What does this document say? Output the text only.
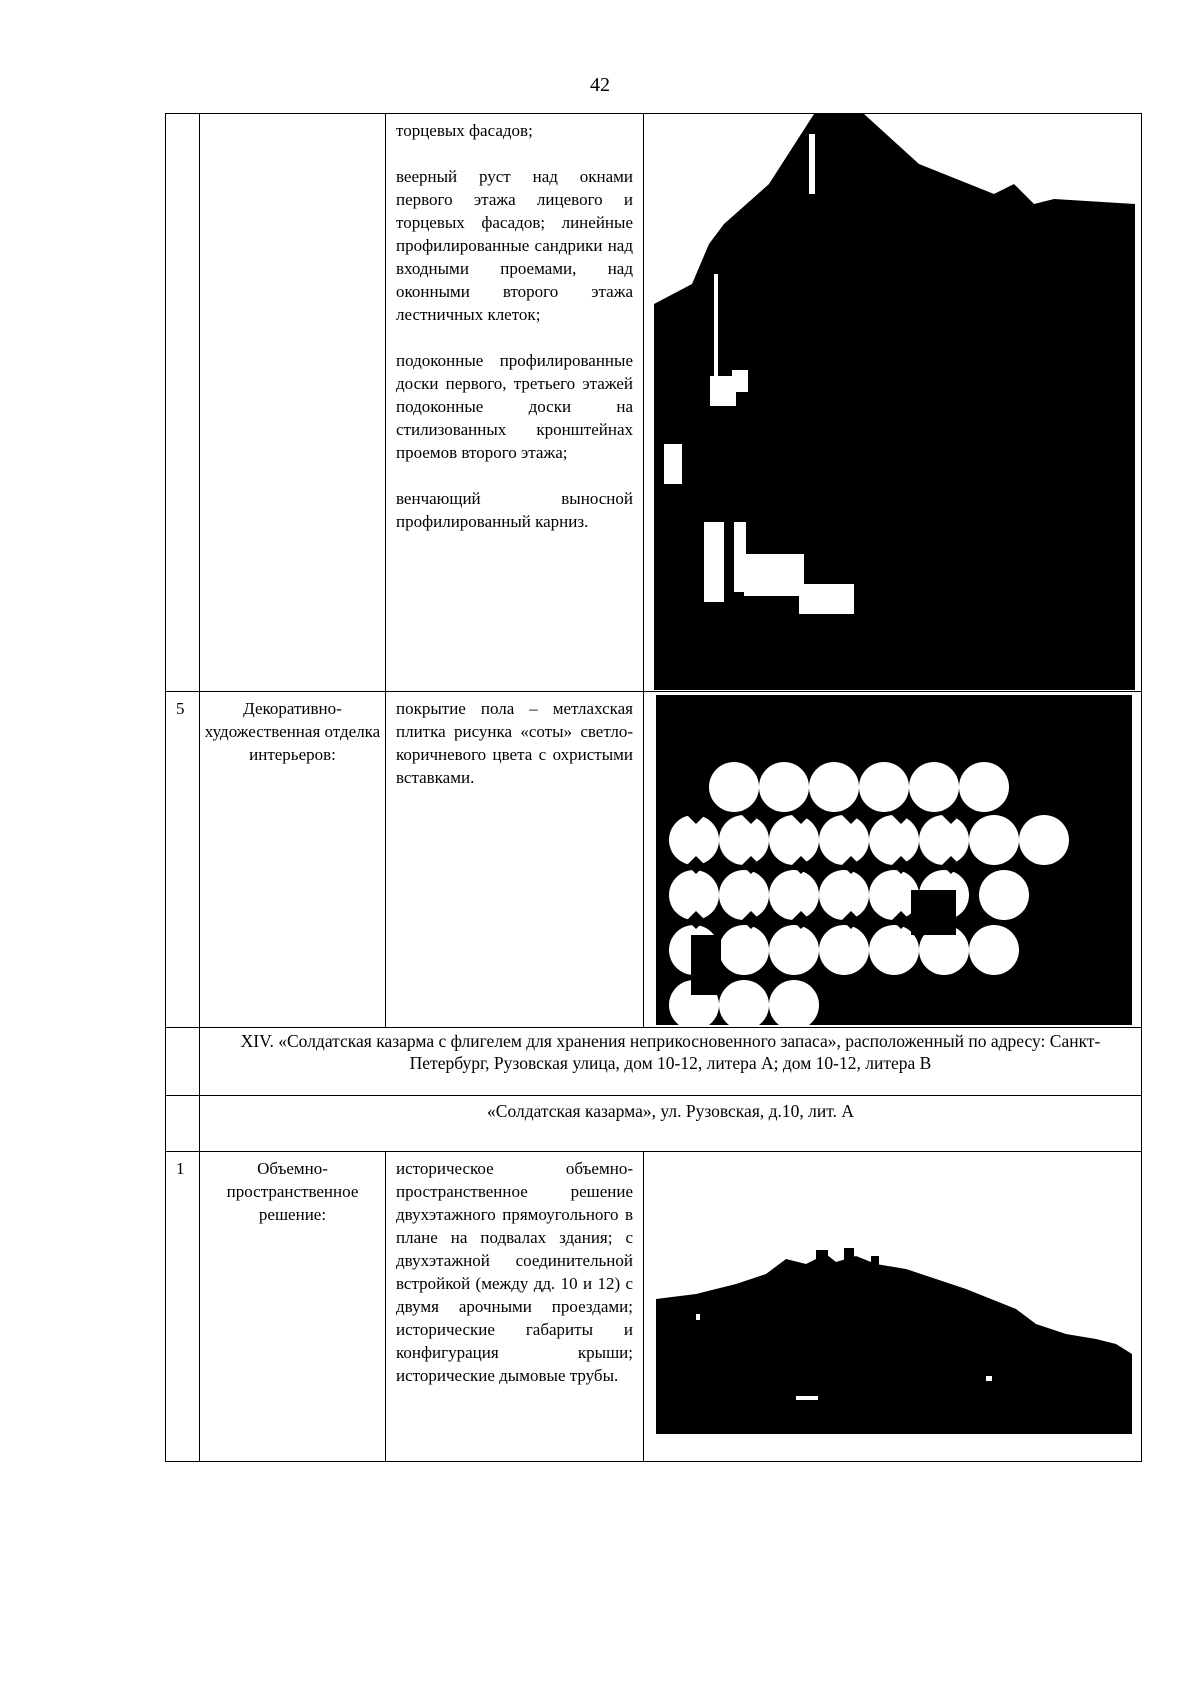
42

		торцевых фасадов;

веерный руст над окнами первого этажа лицевого и торцевых фасадов; линейные профилированные сандрики над входными проемами, над оконными второго этажа лестничных клеток;

подоконные профилированные доски первого, третьего этажей подоконные доски на стилизованных кронштейнах проемов второго этажа;

венчающий выносной профилированный карниз.

5	Декоративно-художественная отделка интерьеров:	покрытие пола – метлахская плитка рисунка «соты» светло-коричневого цвета с охристыми вставками.

	XIV. «Солдатская казарма с флигелем для хранения неприкосновенного запаса», расположенный по адресу: Санкт-Петербург, Рузовская улица, дом 10-12, литера А; дом 10-12, литера В		
	«Солдатская казарма», ул. Рузовская, д.10, лит. А		
1	Объемно-пространственное решение:	историческое объемно-пространственное решение двухэтажного прямоугольного в плане на подвалах здания; с двухэтажной соединительной встройкой (между дд. 10 и 12) с двумя арочными проездами; исторические габариты и конфигурация крыши; исторические дымовые трубы.
